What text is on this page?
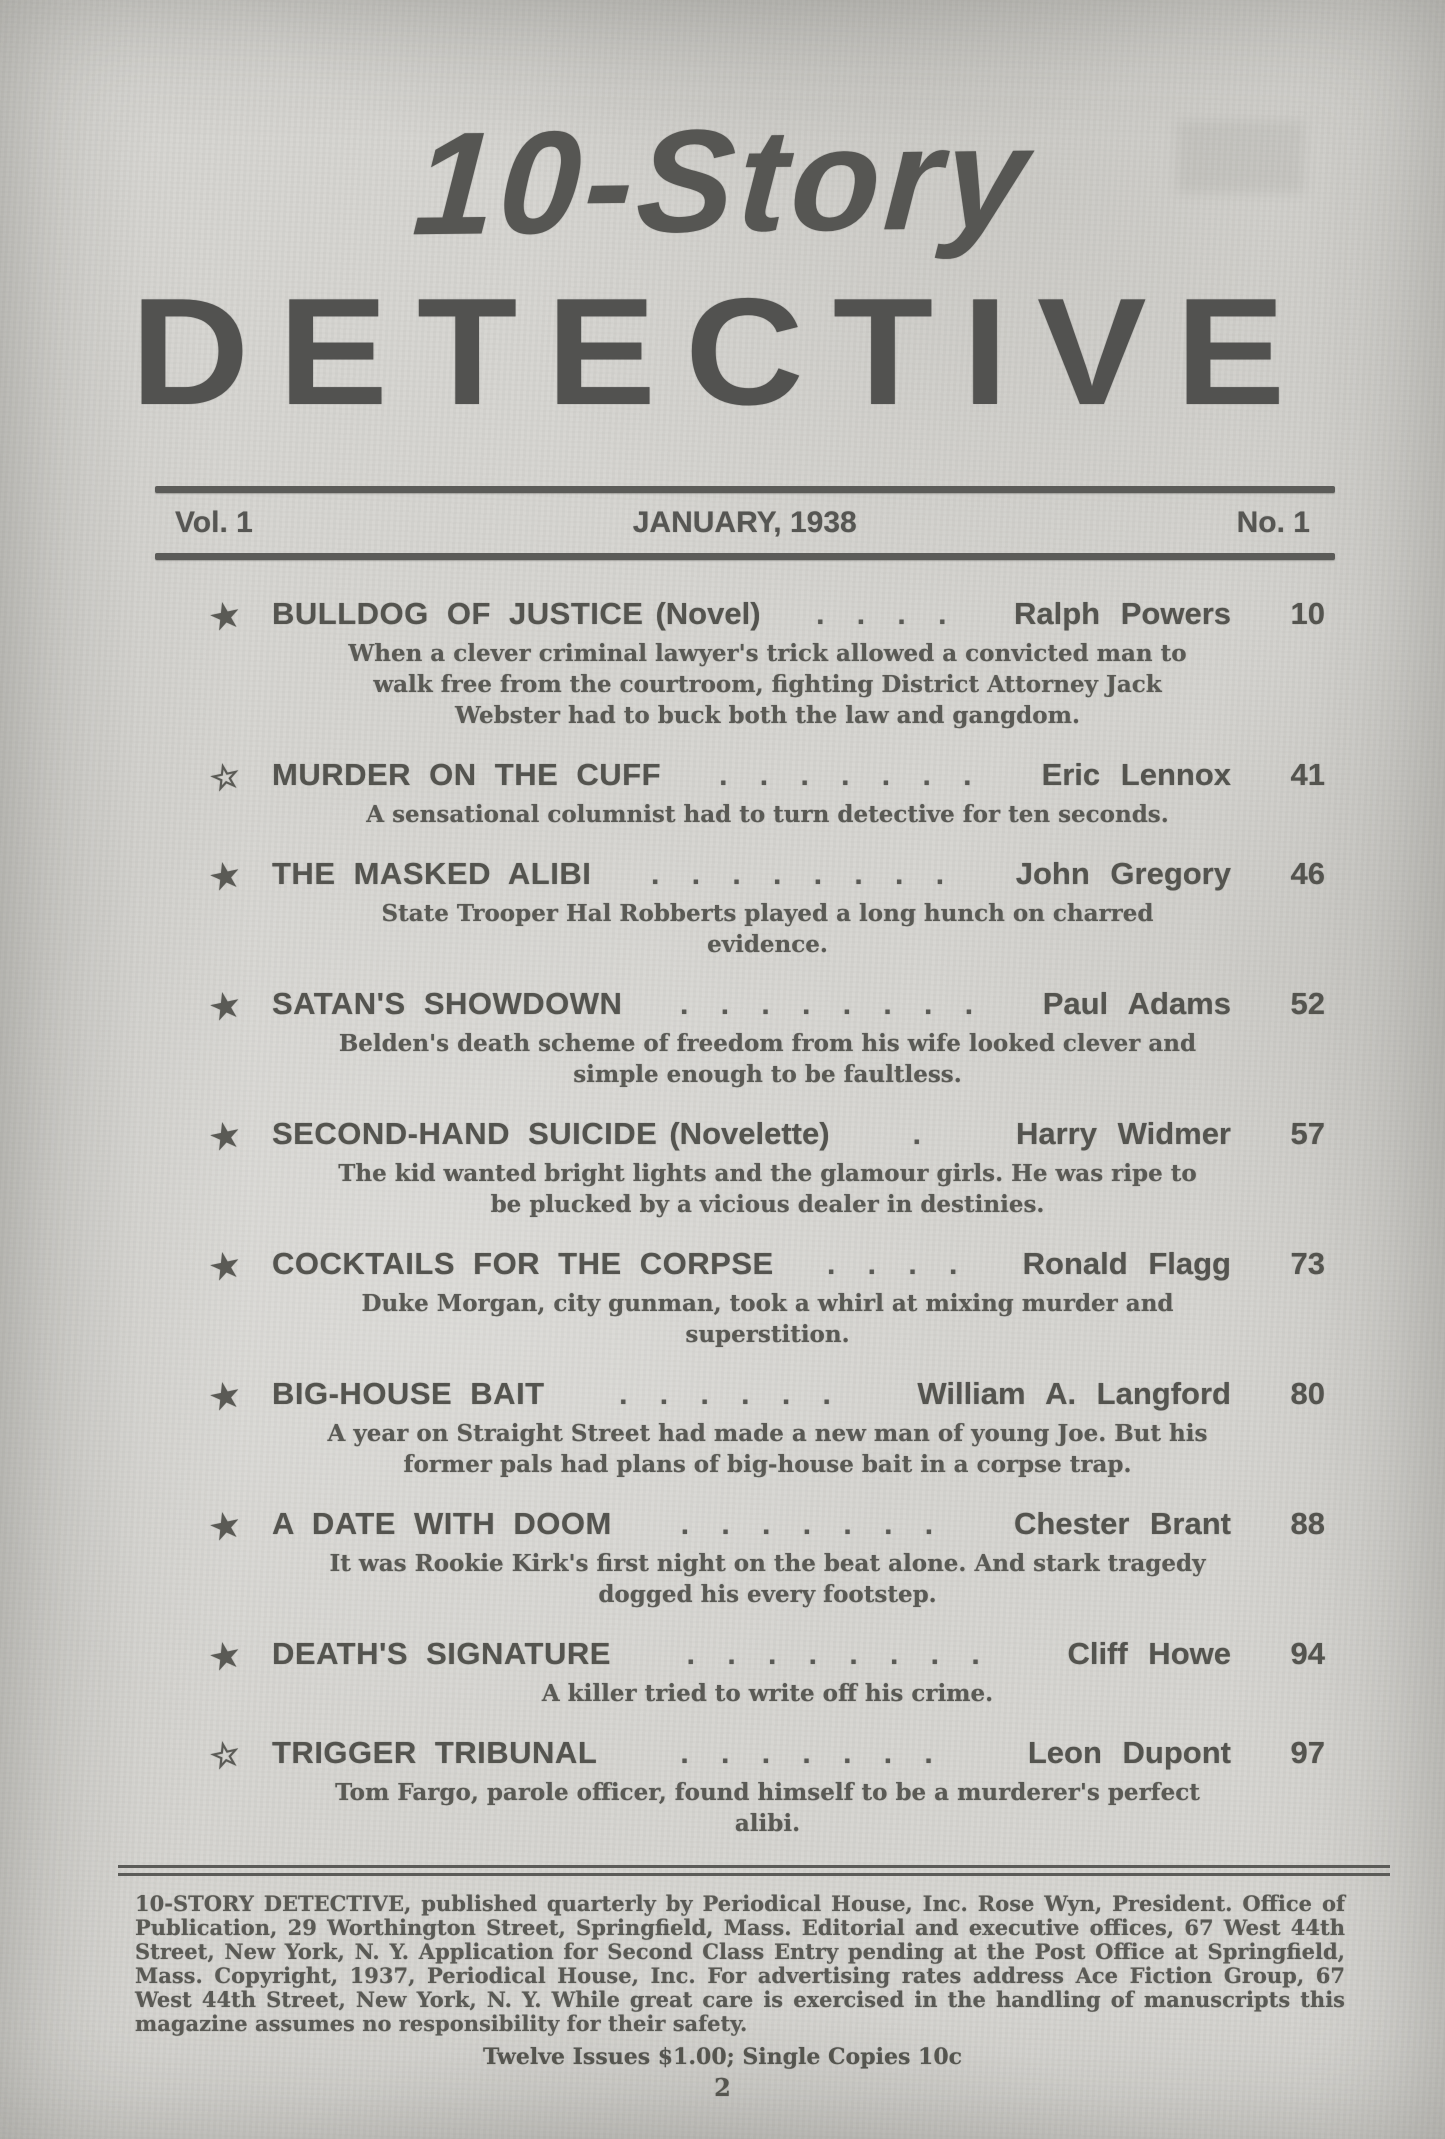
███
10-Story
DETECTIVE
Vol. 1	JANUARY, 1938	No. 1
★ BULLDOG OF JUSTICE (Novel)	. . . .	Ralph Powers	10

When a clever criminal lawyer's trick allowed a convicted man to walk free from the courtroom, fighting District Attorney Jack Webster had to buck both the law and gangdom.

☆ MURDER ON THE CUFF	. . . . . . .	Eric Lennox	41

A sensational columnist had to turn detective for ten seconds.

★ THE MASKED ALIBI	. . . . . . . .	John Gregory	46

State Trooper Hal Robberts played a long hunch on charred evidence.

★ SATAN'S SHOWDOWN	. . . . . . . .	Paul Adams	52

Belden's death scheme of freedom from his wife looked clever and simple enough to be faultless.

★ SECOND-HAND SUICIDE (Novelette)	.	Harry Widmer	57

The kid wanted bright lights and the glamour girls. He was ripe to be plucked by a vicious dealer in destinies.

★ COCKTAILS FOR THE CORPSE	. . . .	Ronald Flagg	73

Duke Morgan, city gunman, took a whirl at mixing murder and superstition.

★ BIG-HOUSE BAIT	. . . . . .	William A. Langford	80

A year on Straight Street had made a new man of young Joe. But his former pals had plans of big-house bait in a corpse trap.

★ A DATE WITH DOOM	. . . . . . .	Chester Brant	88

It was Rookie Kirk's first night on the beat alone. And stark tragedy dogged his every footstep.

★ DEATH'S SIGNATURE	. . . . . . . .	Cliff Howe	94

A killer tried to write off his crime.

☆ TRIGGER TRIBUNAL	. . . . . . .	Leon Dupont	97

Tom Fargo, parole officer, found himself to be a murderer's perfect alibi.

10-STORY DETECTIVE, published quarterly by Periodical House, Inc. Rose Wyn, President. Office of Publication, 29 Worthington Street, Springfield, Mass. Editorial and executive offices, 67 West 44th Street, New York, N. Y. Application for Second Class Entry pending at the Post Office at Springfield, Mass. Copyright, 1937, Periodical House, Inc. For advertising rates address Ace Fiction Group, 67 West 44th Street, New York, N. Y. While great care is exercised in the handling of manuscripts this magazine assumes no responsibility for their safety.

Twelve Issues $1.00; Single Copies 10c

2
